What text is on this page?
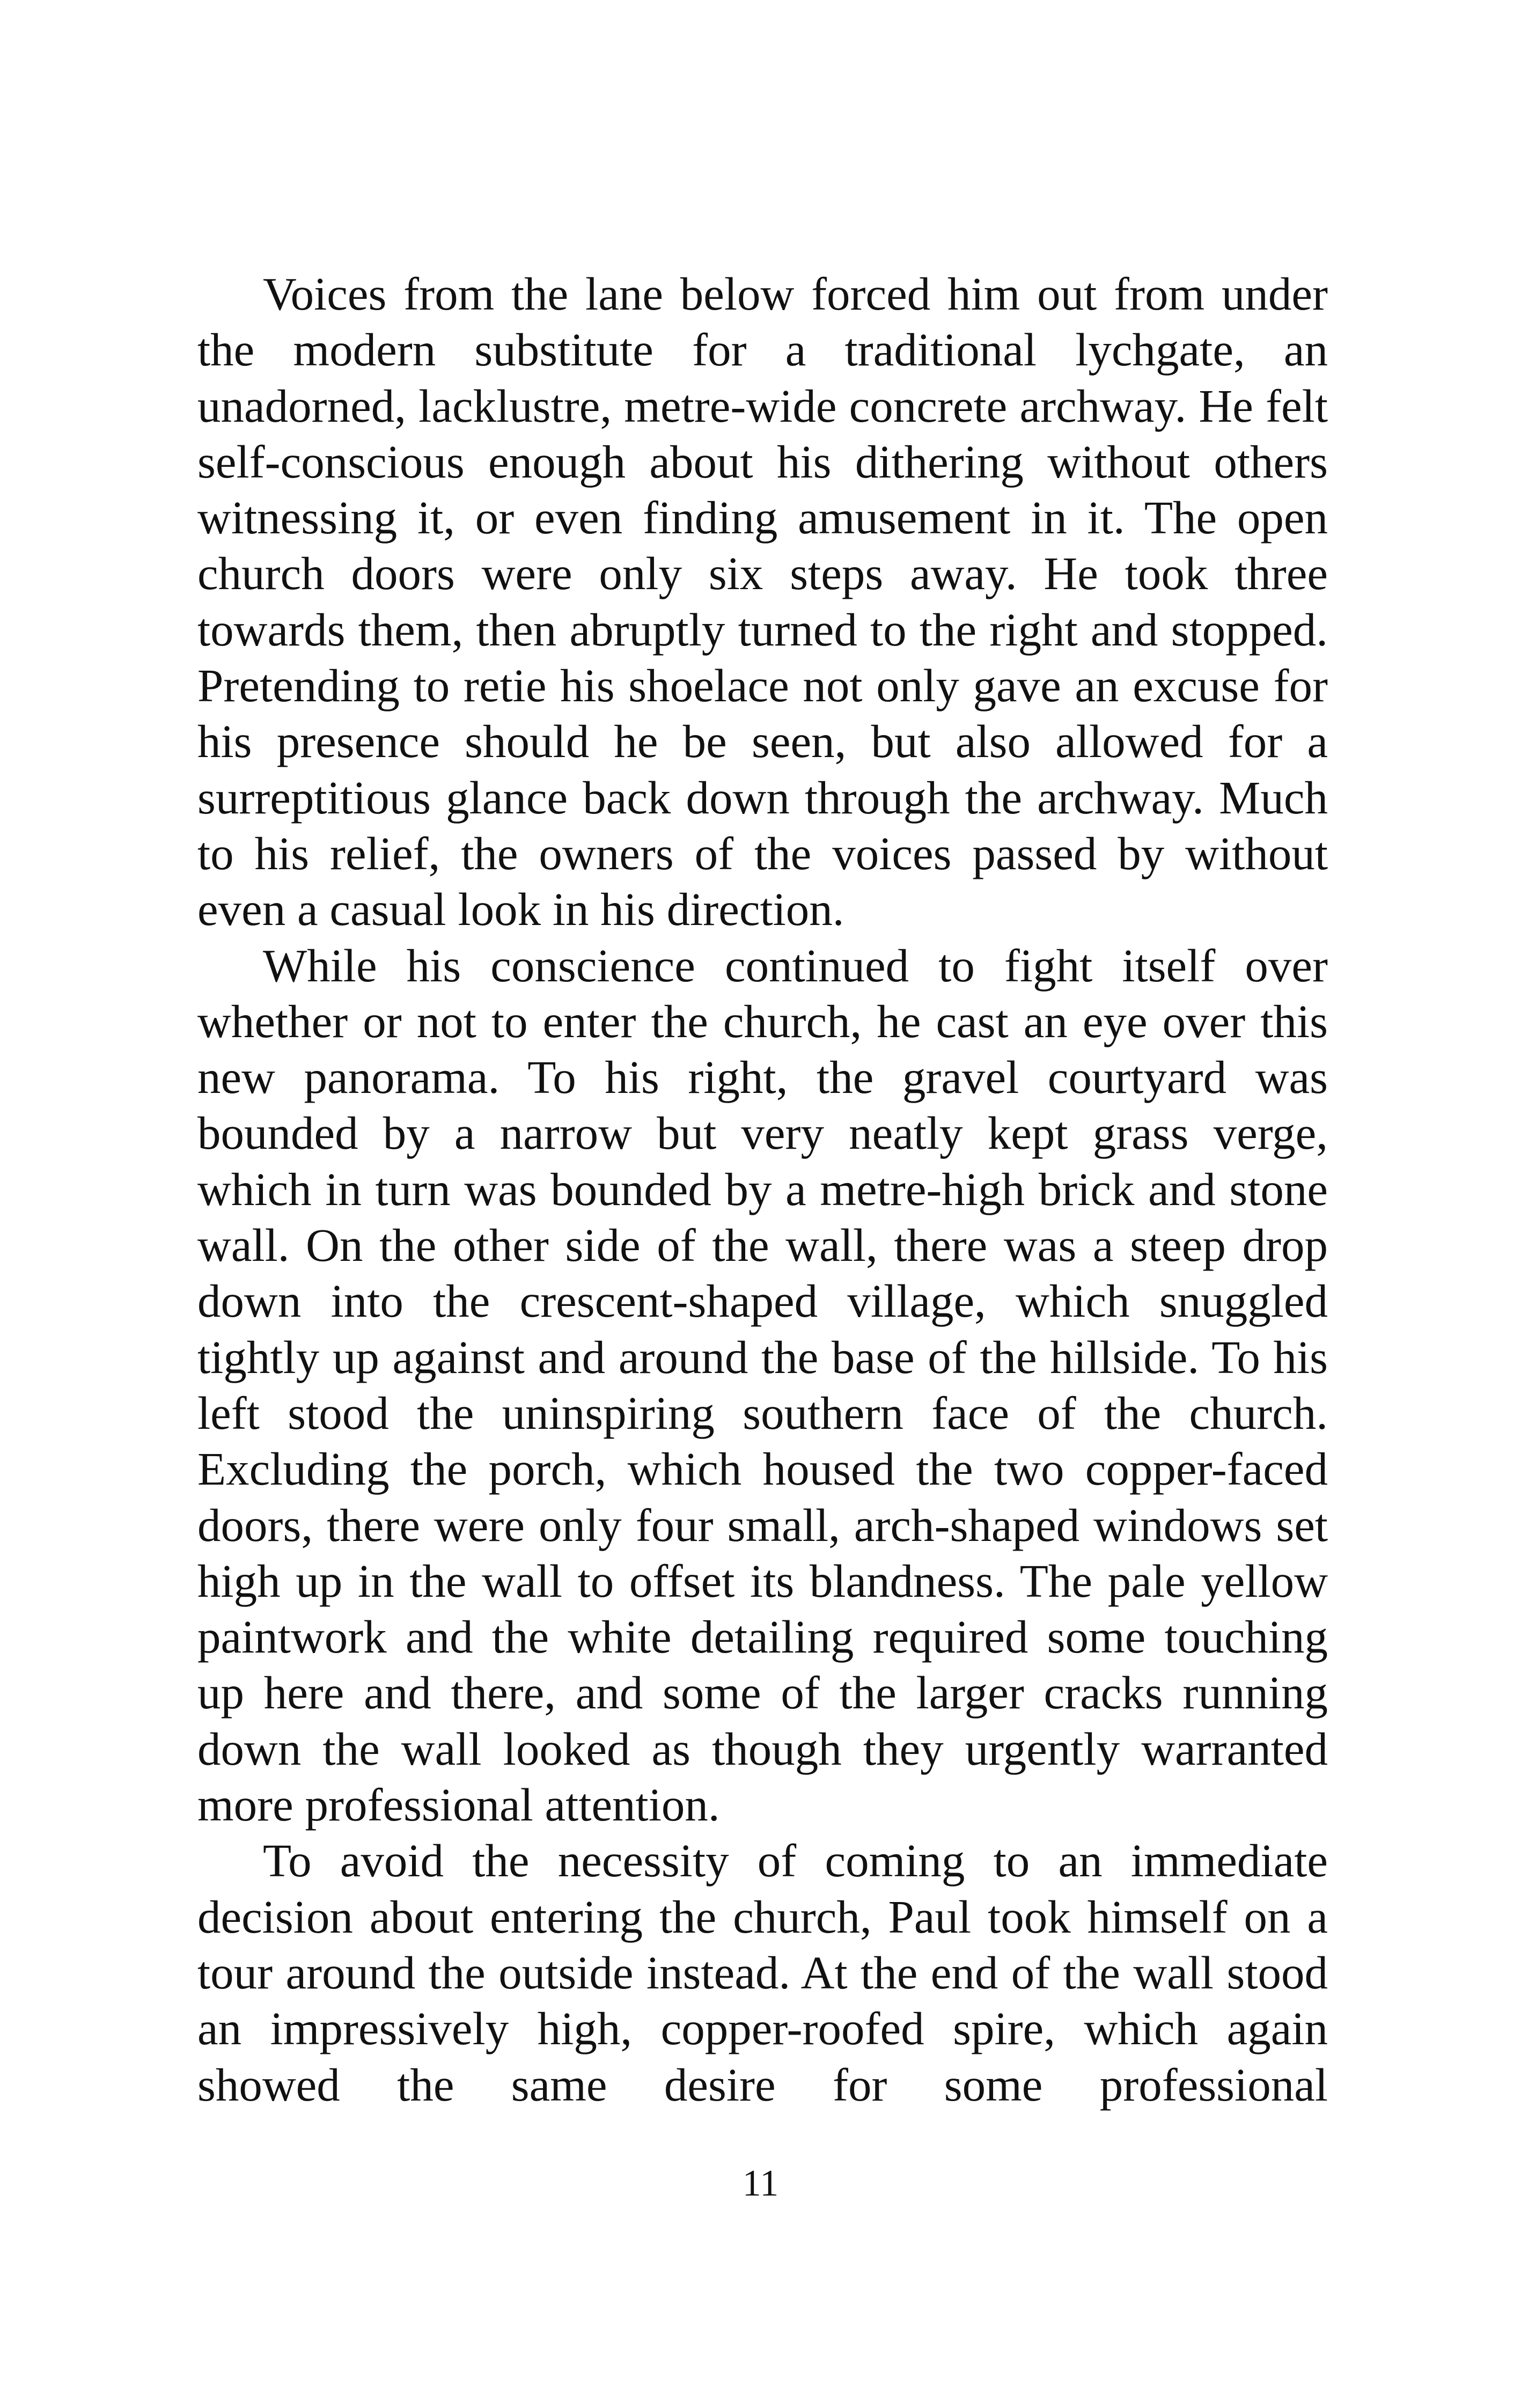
Voices from the lane below forced him out from under the modern substitute for a traditional lychgate, an unadorned, lacklustre, metre-wide concrete archway. He felt self-conscious enough about his dithering without others witnessing it, or even finding amusement in it. The open church doors were only six steps away. He took three towards them, then abruptly turned to the right and stopped. Pretending to retie his shoelace not only gave an excuse for his presence should he be seen, but also allowed for a surreptitious glance back down through the archway. Much to his relief, the owners of the voices passed by without even a casual look in his direction.

While his conscience continued to fight itself over whether or not to enter the church, he cast an eye over this new panorama. To his right, the gravel courtyard was bounded by a narrow but very neatly kept grass verge, which in turn was bounded by a metre-high brick and stone wall. On the other side of the wall, there was a steep drop down into the crescent-shaped village, which snuggled tightly up against and around the base of the hillside. To his left stood the uninspiring southern face of the church. Excluding the porch, which housed the two copper-faced doors, there were only four small, arch-shaped windows set high up in the wall to offset its blandness. The pale yellow paintwork and the white detailing required some touching up here and there, and some of the larger cracks running down the wall looked as though they urgently warranted more professional attention.

To avoid the necessity of coming to an immediate decision about entering the church, Paul took himself on a tour around the outside instead. At the end of the wall stood an impressively high, copper-roofed spire, which again showed the same desire for some professional

11
